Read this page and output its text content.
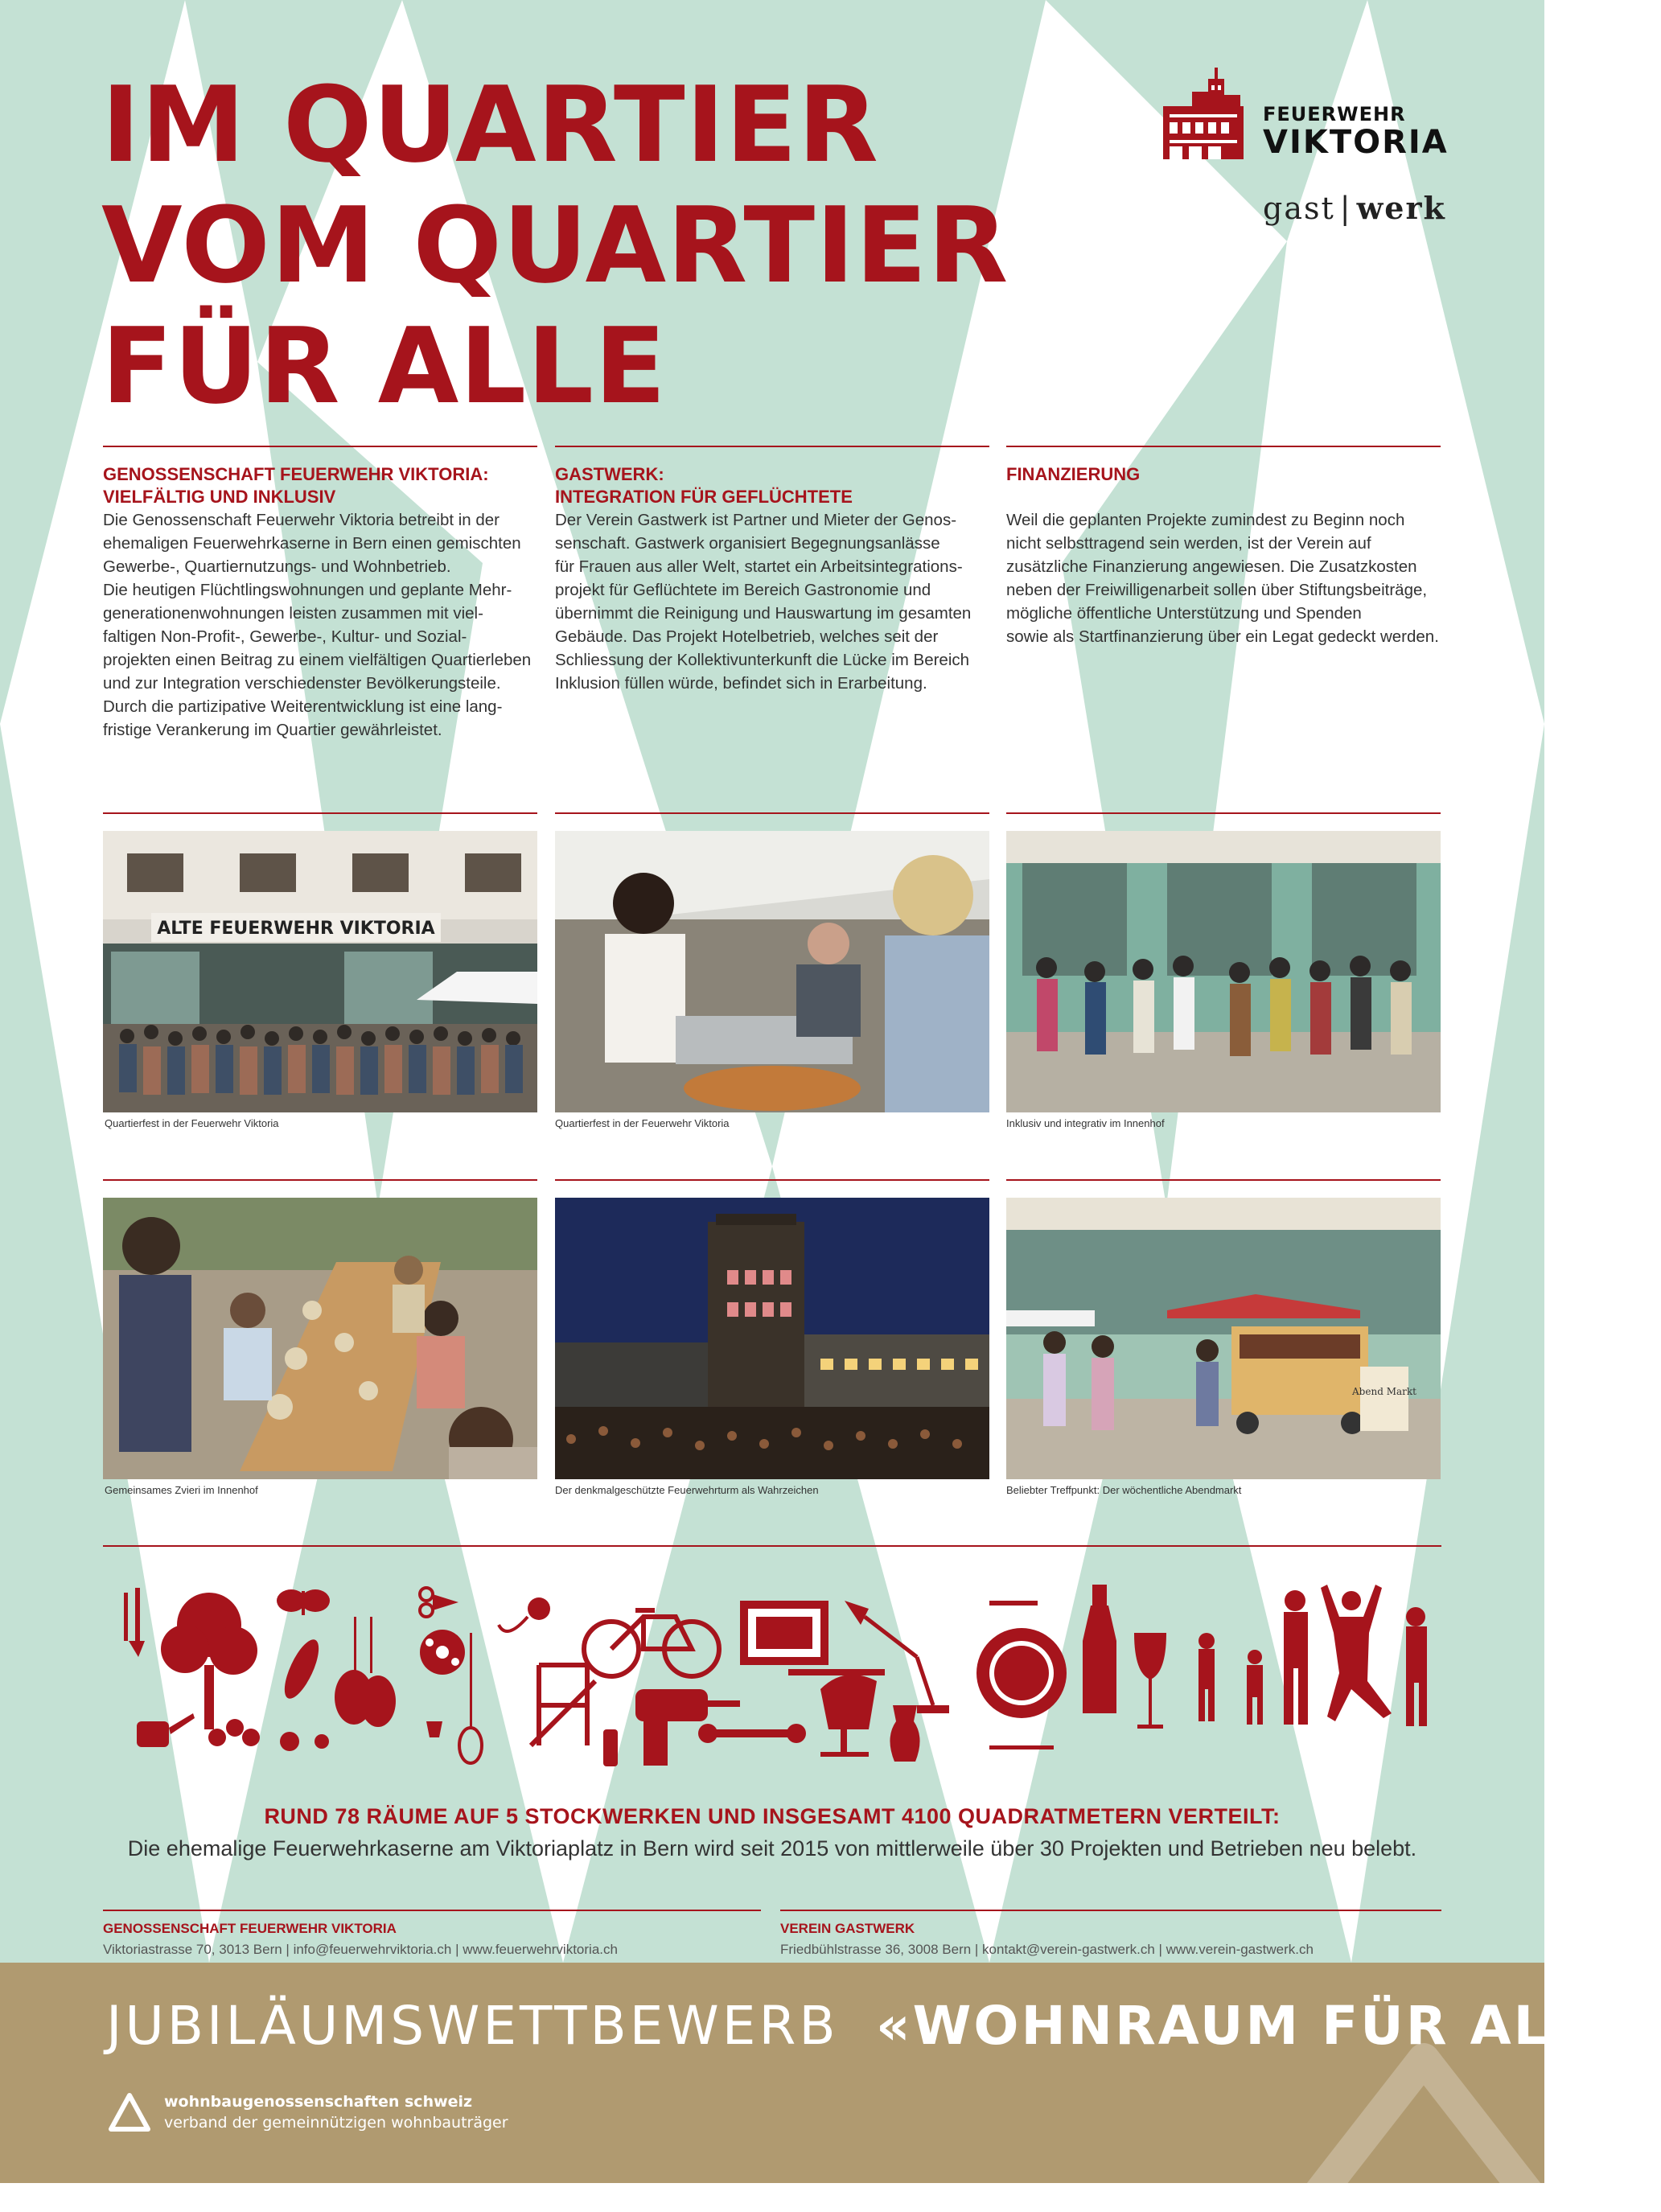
IM QUARTIER
VOM QUARTIER
FÜR ALLE
FEUERWEHR
VIKTORIA
gast | werk
GENOSSENSCHAFT FEUERWEHR VIKTORIA:
VIELFÄLTIG UND INKLUSIV

Die Genossenschaft Feuerwehr Viktoria betreibt in der
ehemaligen Feuerwehrkaserne in Bern einen gemischten
Gewerbe-, Quartiernutzungs- und Wohnbetrieb.
Die heutigen Flüchtlingswohnungen und geplante Mehr-
generationenwohnungen leisten zusammen mit viel-
faltigen Non-Profit-, Gewerbe-, Kultur- und Sozial-
projekten einen Beitrag zu einem vielfältigen Quartierleben
und zur Integration verschiedenster Bevölkerungsteile.
Durch die partizipative Weiterentwicklung ist eine lang-
fristige Verankerung im Quartier gewährleistet.

GASTWERK:
INTEGRATION FÜR GEFLÜCHTETE

Der Verein Gastwerk ist Partner und Mieter der Genos-
senschaft. Gastwerk organisiert Begegnungsanlässe
für Frauen aus aller Welt, startet ein Arbeitsintegrations-
projekt für Geflüchtete im Bereich Gastronomie und
übernimmt die Reinigung und Hauswartung im gesamten
Gebäude. Das Projekt Hotelbetrieb, welches seit der
Schliessung der Kollektivunterkunft die Lücke im Bereich
Inklusion füllen würde, befindet sich in Erarbeitung.

FINANZIERUNG

Weil die geplanten Projekte zumindest zu Beginn noch
nicht selbsttragend sein werden, ist der Verein auf
zusätzliche Finanzierung angewiesen. Die Zusatzkosten
neben der Freiwilligenarbeit sollen über Stiftungsbeiträge,
mögliche öffentliche Unterstützung und Spenden
sowie als Startfinanzierung über ein Legat gedeckt werden.

ALTE FEUERWEHR VIKTORIA
Quartierfest in der Feuerwehr Viktoria	Quartierfest in der Feuerwehr Viktoria	Inklusiv und integrativ im Innenhof
Abend Markt
Gemeinsames Zvieri im Innenhof	Der denkmalgeschützte Feuerwehrturm als Wahrzeichen	Beliebter Treffpunkt: Der wöchentliche Abendmarkt
RUND 78 RÄUME AUF 5 STOCKWERKEN UND INSGESAMT 4100 QUADRATMETERN VERTEILT:
Die ehemalige Feuerwehrkaserne am Viktoriaplatz in Bern wird seit 2015 von mittlerweile über 30 Projekten und Betrieben neu belebt.
GENOSSENSCHAFT FEUERWEHR VIKTORIA
Viktoriastrasse 70, 3013 Bern | info@feuerwehrviktoria.ch | www.feuerwehrviktoria.ch
VEREIN GASTWERK
Friedbühlstrasse 36, 3008 Bern | kontakt@verein-gastwerk.ch | www.verein-gastwerk.ch
JUBILÄUMSWETTBEWERB «WOHNRAUM FÜR ALLE»
wohnbaugenossenschaften schweiz
verband der gemeinnützigen wohnbauträger
